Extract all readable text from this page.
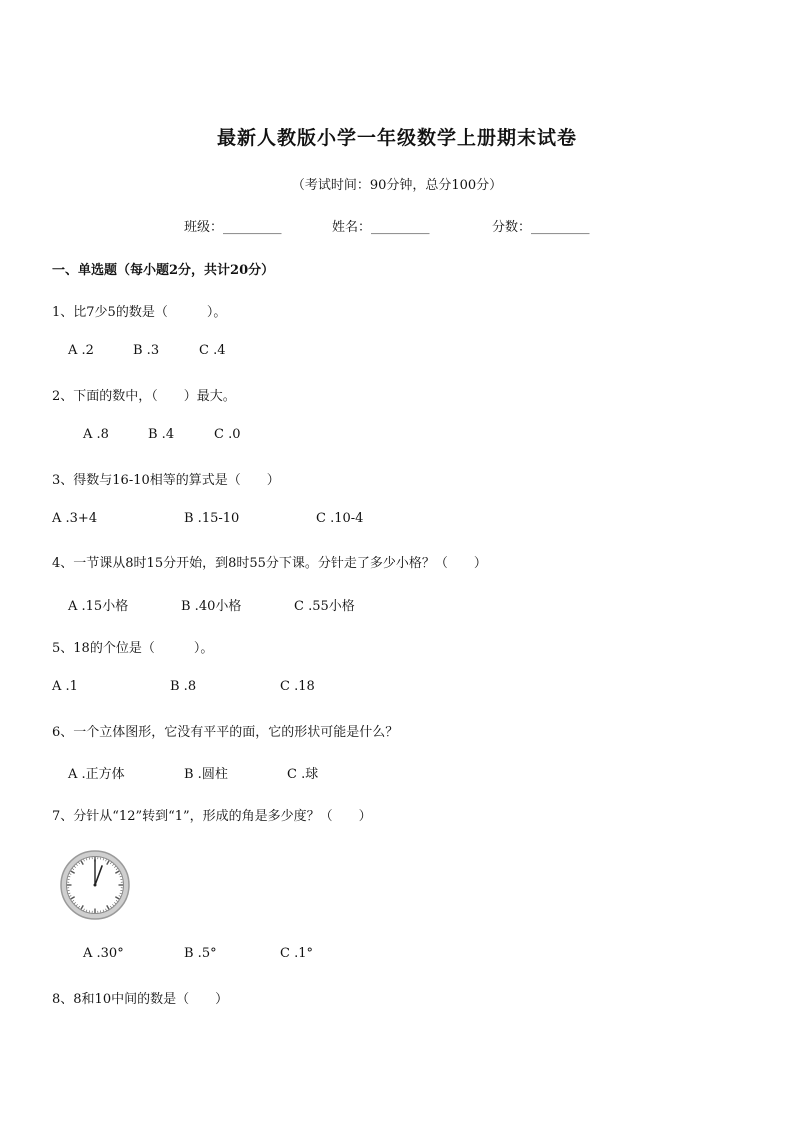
最新人教版小学一年级数学上册期末试卷
（考试时间：90分钟，总分100分）
班级：_________	姓名：_________	分数：_________
一、单选题（每小题2分，共计20分）
1、比7少5的数是（　　　）。
A .2	B .3	C .4
2、下面的数中，（　　）最大。
A .8	B .4	C .0
3、得数与16-10相等的算式是（　　）
A .3+4	B .15-10	C .10-4
4、一节课从8时15分开始，到8时55分下课。分针走了多少小格？（　　）
A .15小格	B .40小格	C .55小格
5、18的个位是（　　　）。
A .1	B .8	C .18
6、一个立体图形，它没有平平的面，它的形状可能是什么？
A .正方体	B .圆柱	C .球
7、分针从“12”转到“1”，形成的角是多少度？（　　）
A .30°	B .5°	C .1°
8、8和10中间的数是（　　）
